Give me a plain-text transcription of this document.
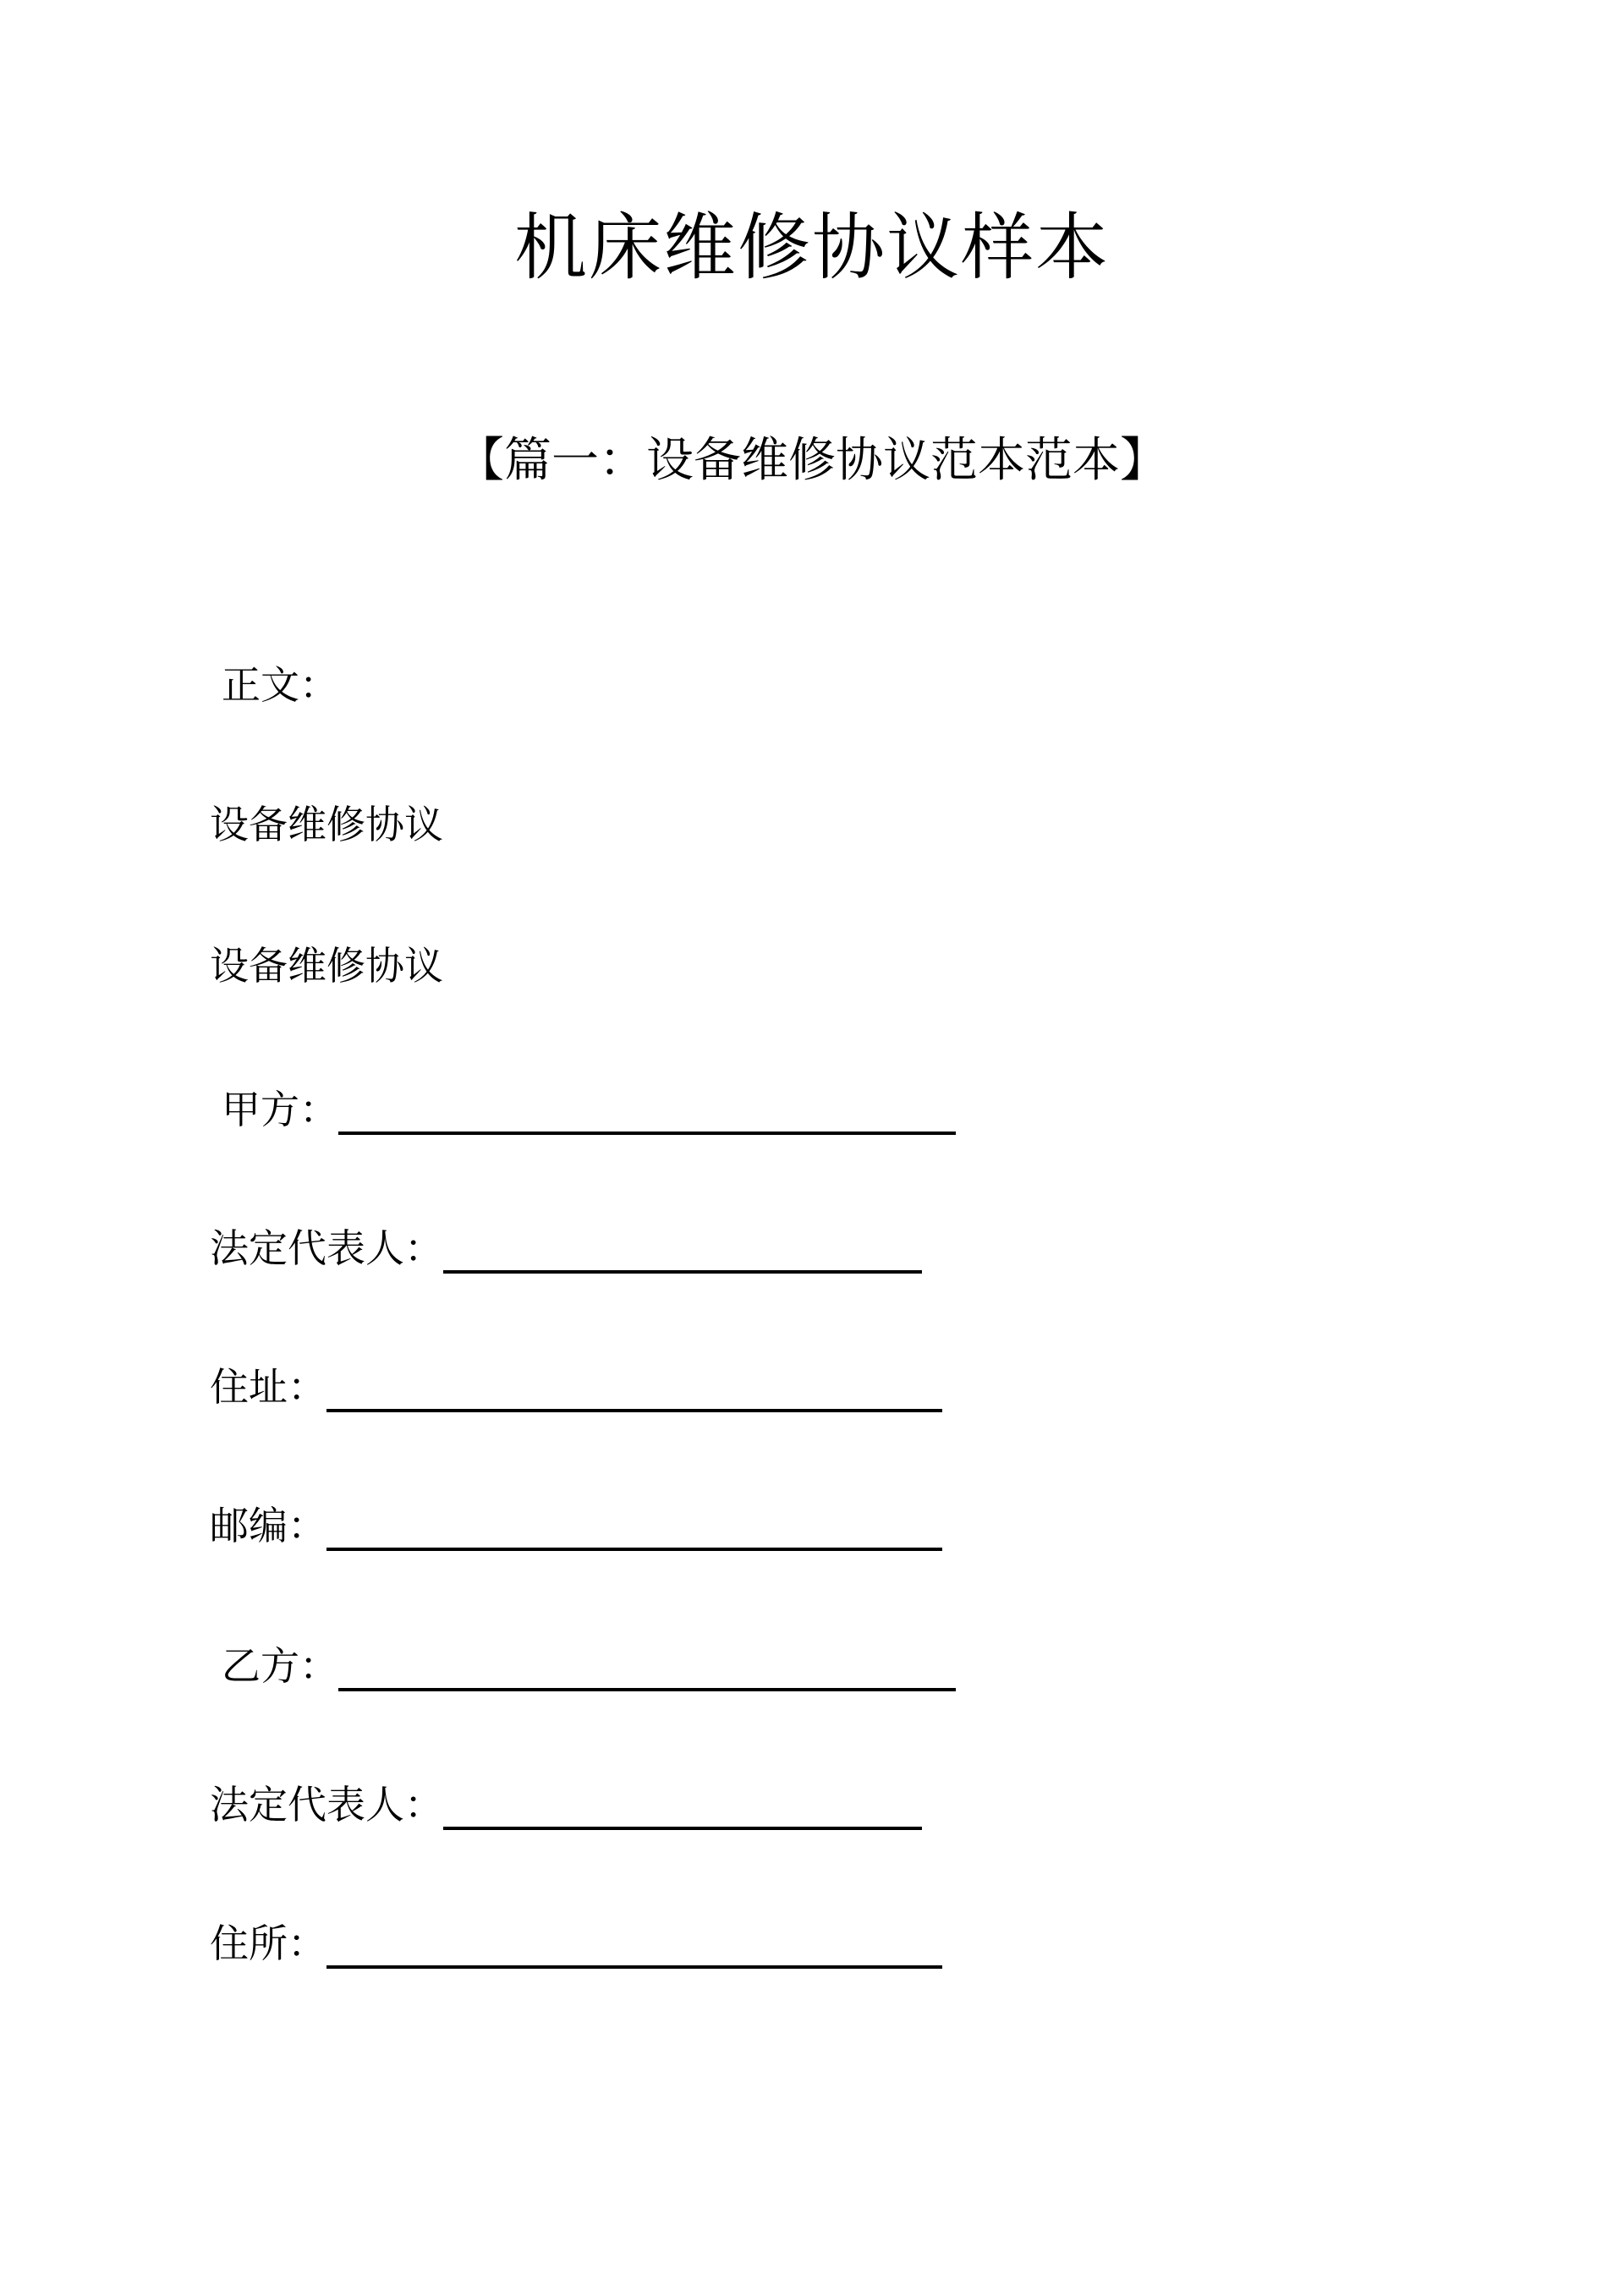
机床维修协议样本
【篇一：设备维修协议范本范本】
正文：
设备维修协议
设备维修协议
甲方：
法定代表人：
住址：
邮编：
乙方：
法定代表人：
住所：
